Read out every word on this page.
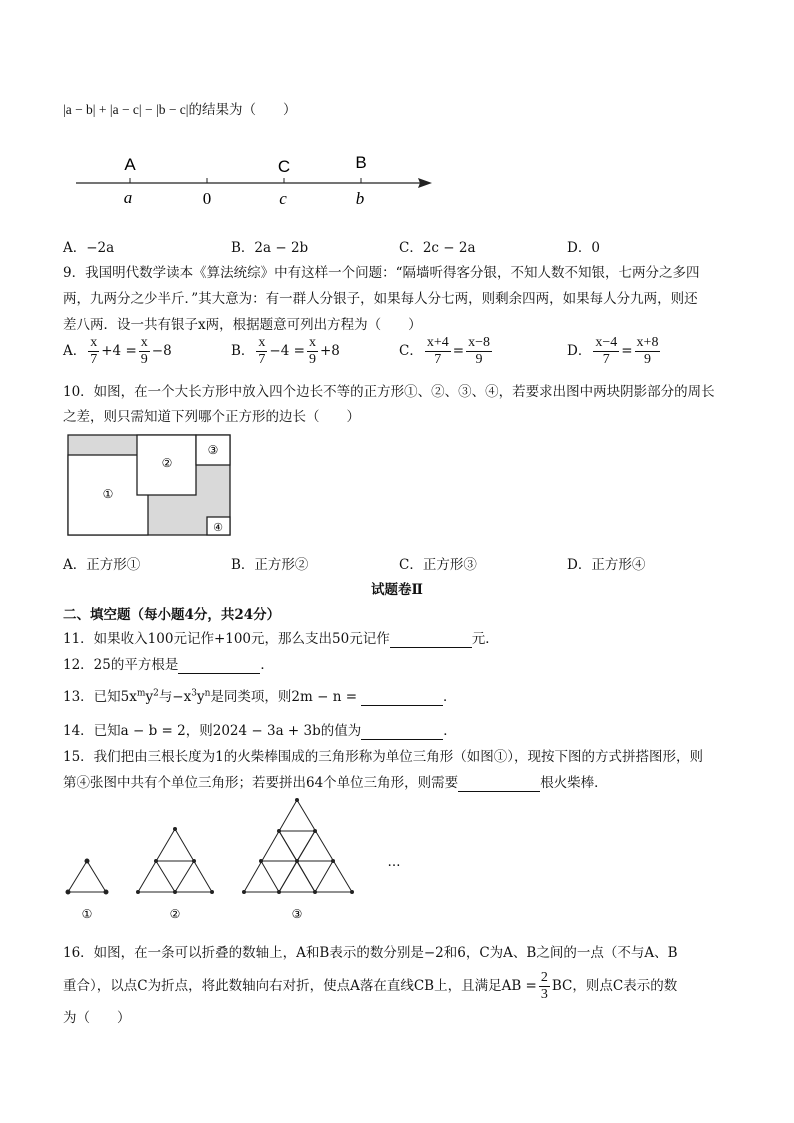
|a − b| + |a − c| − |b − c|的结果为（　　）
A	C	B
a	0	c	b
A．−2a	B．2a − 2b	C．2c − 2a	D．0
9．我国明代数学读本《算法统综》中有这样一个问题：“隔墙听得客分银，不知人数不知银，七两分之多四
两，九两分之少半斤．”其大意为：有一群人分银子，如果每人分七两，则剩余四两，如果每人分九两，则还
差八两．设一共有银子x两，根据题意可列出方程为（　　）
A． $\frac{x}{7} +4 = \frac{x}{9} -8$	B． $\frac{x}{7} -4 = \frac{x}{9} +8$	C． $\frac{x+4}{7} = \frac{x-8}{9}$	D． $\frac{x-4}{7} = \frac{x+8}{9}$
10．如图，在一个大长方形中放入四个边长不等的正方形①、②、③、④，若要求出图中两块阴影部分的周长
之差，则只需知道下列哪个正方形的边长（　　）
①
②
③
④
A．正方形①	B．正方形②	C．正方形③	D．正方形④
试题卷Ⅱ
二、填空题（每小题4分，共24分）
11．如果收入100元记作+100元，那么支出50元记作	元．
12．25的平方根是	．
13．已知$5x^my^2$与$-x^3y^n$是同类项，则2m − n =	．
14．已知a − b = 2，则2024 − 3a + 3b的值为	．
15．我们把由三根长度为1的火柴棒围成的三角形称为单位三角形（如图①），现按下图的方式拼搭图形，则
第④张图中共有个单位三角形；若要拼出64个单位三角形，则需要	根火柴棒．
①	②	③
…
16．如图，在一条可以折叠的数轴上，A和B表示的数分别是−2和6，C为A、B之间的一点（不与A、B
重合），以点C为折点，将此数轴向右对折，使点A落在直线CB上，且满足AB = $\frac{2}{3}$ BC，则点C表示的数
为（　　）
